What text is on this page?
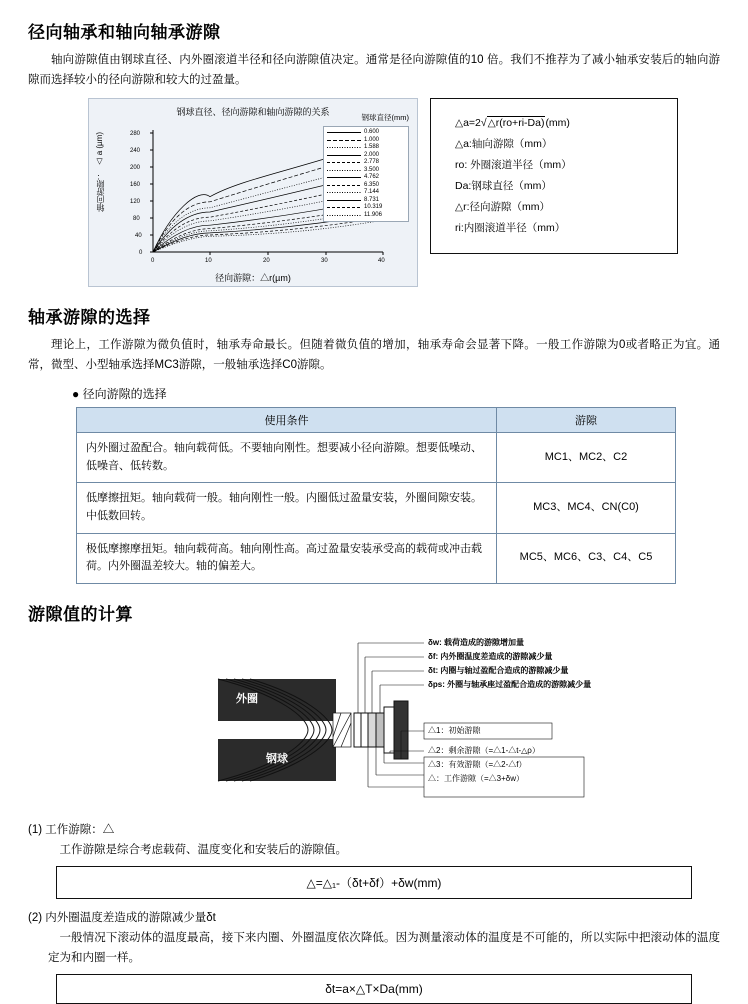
径向轴承和轴向轴承游隙

轴向游隙值由钢球直径、内外圈滚道半径和径向游隙值决定。通常是径向游隙值的10 倍。我们不推荐为了减小轴承安装后的轴向游隙而选择较小的径向游隙和较大的过盈量。

钢球直径、径向游隙和轴向游隙的关系
△ a (µm)
轴向游隙：
0
40
80
120
160
200
240
280
0	10	20	30	40
钢球直径(mm)
0.600
1.000
1.588
2.000
2.778
3.500
4.762
6.350
7.144
8.731
10.319
11.906
径向游隙：△r(µm)
△a=2√△r(ro+ri-Da)(mm)
△a:轴向游隙（mm）
ro: 外圈滚道半径（mm）
Da:钢球直径（mm）
△r:径向游隙（mm）
ri:内圈滚道半径（mm）
轴承游隙的选择

理论上，工作游隙为微负值时，轴承寿命最长。但随着微负值的增加，轴承寿命会显著下降。一般工作游隙为0或者略正为宜。通常，微型、小型轴承选择MC3游隙，一般轴承选择C0游隙。

● 径向游隙的选择
使用条件	游隙
内外圈过盈配合。轴向载荷低。不要轴向刚性。想要减小径向游隙。想要低噪动、低噪音、低转数。	MC1、MC2、C2
低摩擦扭矩。轴向载荷一般。轴向刚性一般。内圈低过盈量安装，外圈间隙安装。中低数回转。	MC3、MC4、CN(C0)
极低摩擦摩扭矩。轴向载荷高。轴向刚性高。高过盈量安装承受高的载荷或冲击载荷。内外圈温差较大。轴的偏差大。	MC5、MC6、C3、C4、C5
游隙值的计算
外圈
钢球
δw: 载荷造成的游隙增加量
δf: 内外圈温度差造成的游隙减少量
δt: 内圈与轴过盈配合造成的游隙减少量
δps: 外圈与轴承座过盈配合造成的游隙减少量
△1：初始游隙
△2：剩余游隙（=△1-△t-△ρ）
△3：有效游隙（=△2-△f）
△：工作游隙（=△3+δw）
(1) 工作游隙：△
工作游隙是综合考虑载荷、温度变化和安装后的游隙值。
△=△₁-（δt+δf）+δw(mm)
(2) 内外圈温度差造成的游隙减少量δt
一般情况下滚动体的温度最高，接下来内圈、外圈温度依次降低。因为测量滚动体的温度是不可能的，所以实际中把滚动体的温度定为和内圈一样。
δt=a×△T×Da(mm)
